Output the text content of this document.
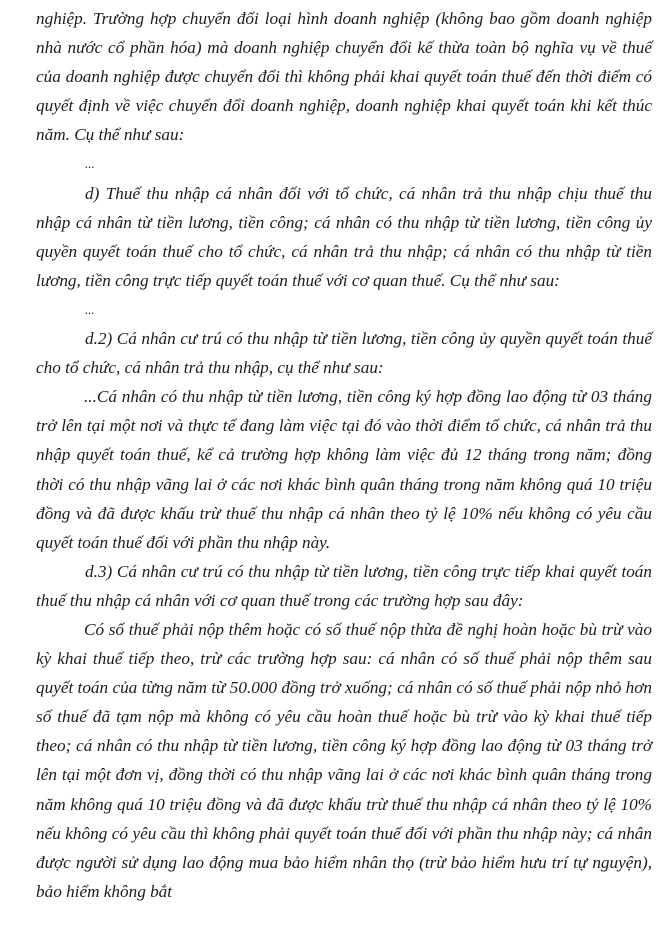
nghiệp. Trường hợp chuyển đổi loại hình doanh nghiệp (không bao gồm doanh nghiệp nhà nước cổ phần hóa) mà doanh nghiệp chuyển đổi kế thừa toàn bộ nghĩa vụ về thuế của doanh nghiệp được chuyển đổi thì không phải khai quyết toán thuế đến thời điểm có quyết định về việc chuyển đổi doanh nghiệp, doanh nghiệp khai quyết toán khi kết thúc năm. Cụ thể như sau:

...

d) Thuế thu nhập cá nhân đối với tổ chức, cá nhân trả thu nhập chịu thuế thu nhập cá nhân từ tiền lương, tiền công; cá nhân có thu nhập từ tiền lương, tiền công ủy quyền quyết toán thuế cho tổ chức, cá nhân trả thu nhập; cá nhân có thu nhập từ tiền lương, tiền công trực tiếp quyết toán thuế với cơ quan thuế. Cụ thể như sau:

...

d.2) Cá nhân cư trú có thu nhập từ tiền lương, tiền công ủy quyền quyết toán thuế cho tổ chức, cá nhân trả thu nhập, cụ thể như sau:

...Cá nhân có thu nhập từ tiền lương, tiền công ký hợp đồng lao động từ 03 tháng trở lên tại một nơi và thực tế đang làm việc tại đó vào thời điểm tổ chức, cá nhân trả thu nhập quyết toán thuế, kể cả trường hợp không làm việc đủ 12 tháng trong năm; đồng thời có thu nhập vãng lai ở các nơi khác bình quân tháng trong năm không quá 10 triệu đồng và đã được khấu trừ thuế thu nhập cá nhân theo tỷ lệ 10% nếu không có yêu cầu quyết toán thuế đối với phần thu nhập này.

d.3) Cá nhân cư trú có thu nhập từ tiền lương, tiền công trực tiếp khai quyết toán thuế thu nhập cá nhân với cơ quan thuế trong các trường hợp sau đây:

Có số thuế phải nộp thêm hoặc có số thuế nộp thừa đề nghị hoàn hoặc bù trừ vào kỳ khai thuế tiếp theo, trừ các trường hợp sau: cá nhân có số thuế phải nộp thêm sau quyết toán của từng năm từ 50.000 đồng trở xuống; cá nhân có số thuế phải nộp nhỏ hơn số thuế đã tạm nộp mà không có yêu cầu hoàn thuế hoặc bù trừ vào kỳ khai thuế tiếp theo; cá nhân có thu nhập từ tiền lương, tiền công ký hợp đồng lao động từ 03 tháng trở lên tại một đơn vị, đồng thời có thu nhập vãng lai ở các nơi khác bình quân tháng trong năm không quá 10 triệu đồng và đã được khấu trừ thuế thu nhập cá nhân theo tỷ lệ 10% nếu không có yêu cầu thì không phải quyết toán thuế đối với phần thu nhập này; cá nhân được người sử dụng lao động mua bảo hiểm nhân thọ (trừ bảo hiểm hưu trí tự nguyện), bảo hiểm không bắt
